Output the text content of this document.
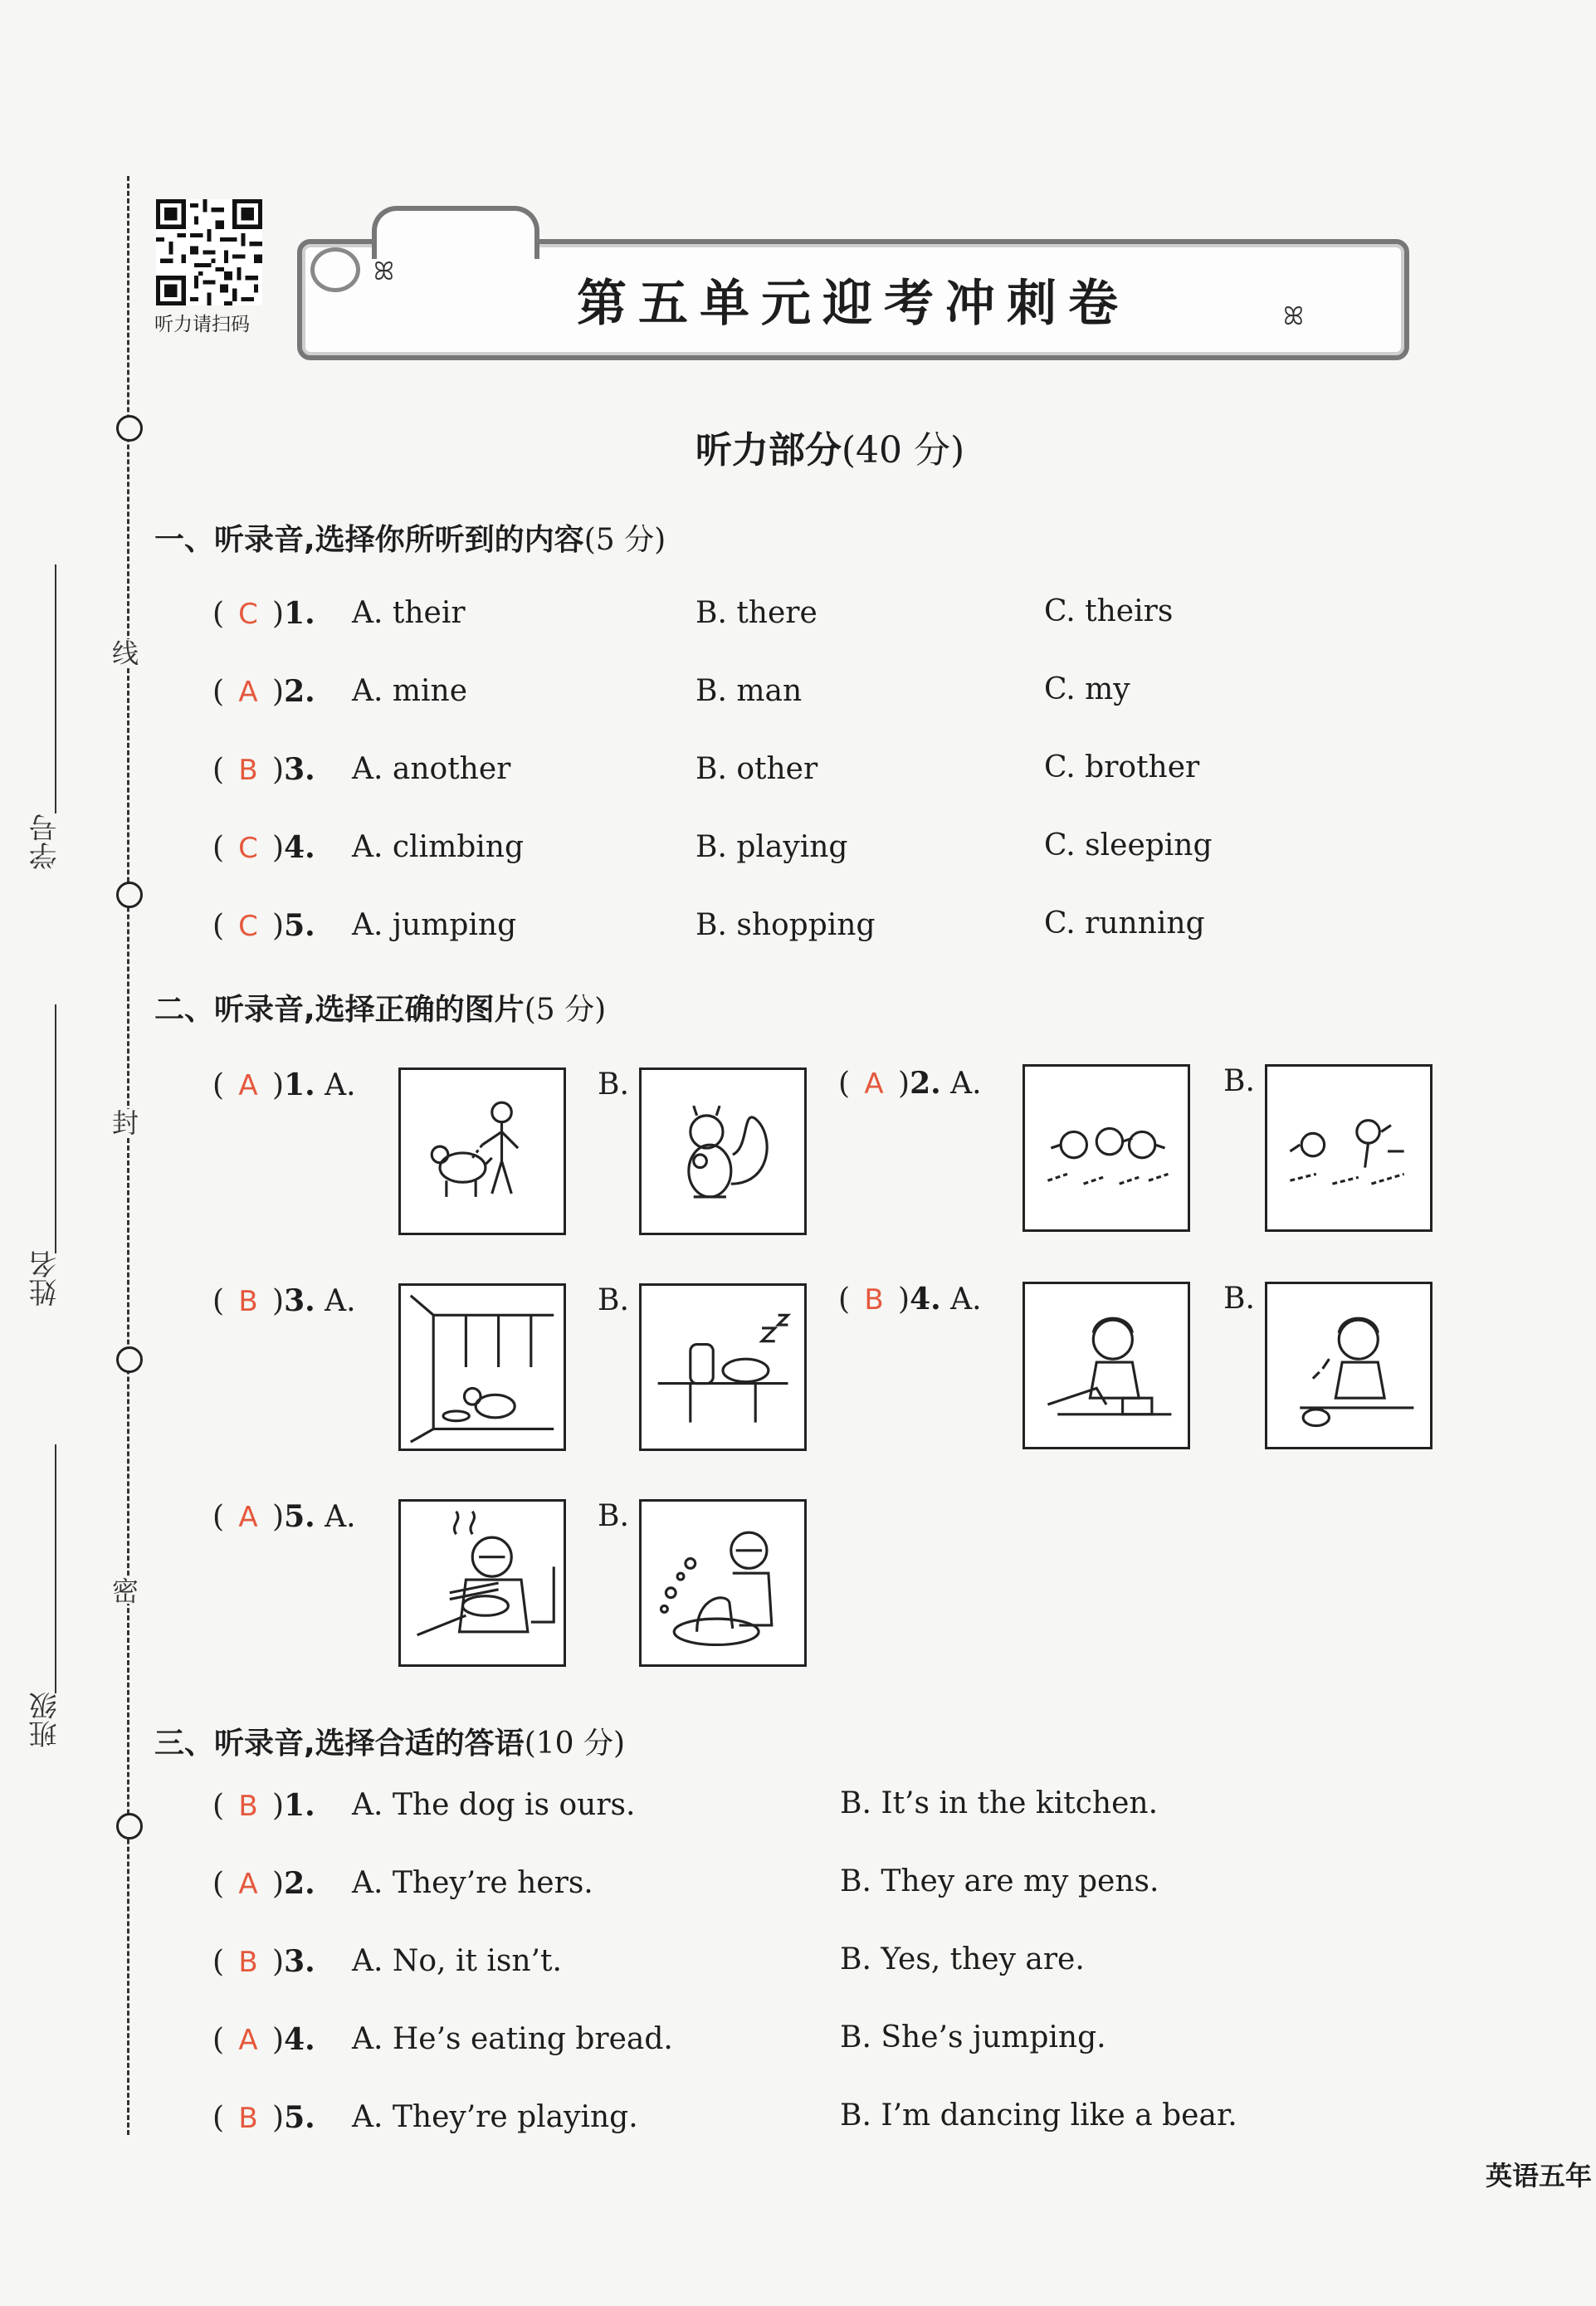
线
封
密
学号
姓名
班级
听力请扫码
ꕤ
ꕤ
第五单元迎考冲刺卷
听力部分(40 分)
一、听录音,选择你所听到的内容(5 分)
( C )1. A. their	B. there	C. theirs
( A )2. A. mine	B. man	C. my
( B )3. A. another	B. other	C. brother
( C )4. A. climbing	B. playing	C. sleeping
( C )5. A. jumping	B. shopping	C. running
二、听录音,选择正确的图片(5 分)
( A )1. A.	B.	( A )2. A.	B.
( B )3. A.	B.	( B )4. A.	B.
( A )5. A.	B.
三、听录音,选择合适的答语(10 分)
( B )1. A. The dog is ours.	B. It’s in the kitchen.
( A )2. A. They’re hers.	B. They are my pens.
( B )3. A. No, it isn’t.	B. Yes, they are.
( A )4. A. He’s eating bread.	B. She’s jumping.
( B )5. A. They’re playing.	B. I’m dancing like a bear.
英语五年
